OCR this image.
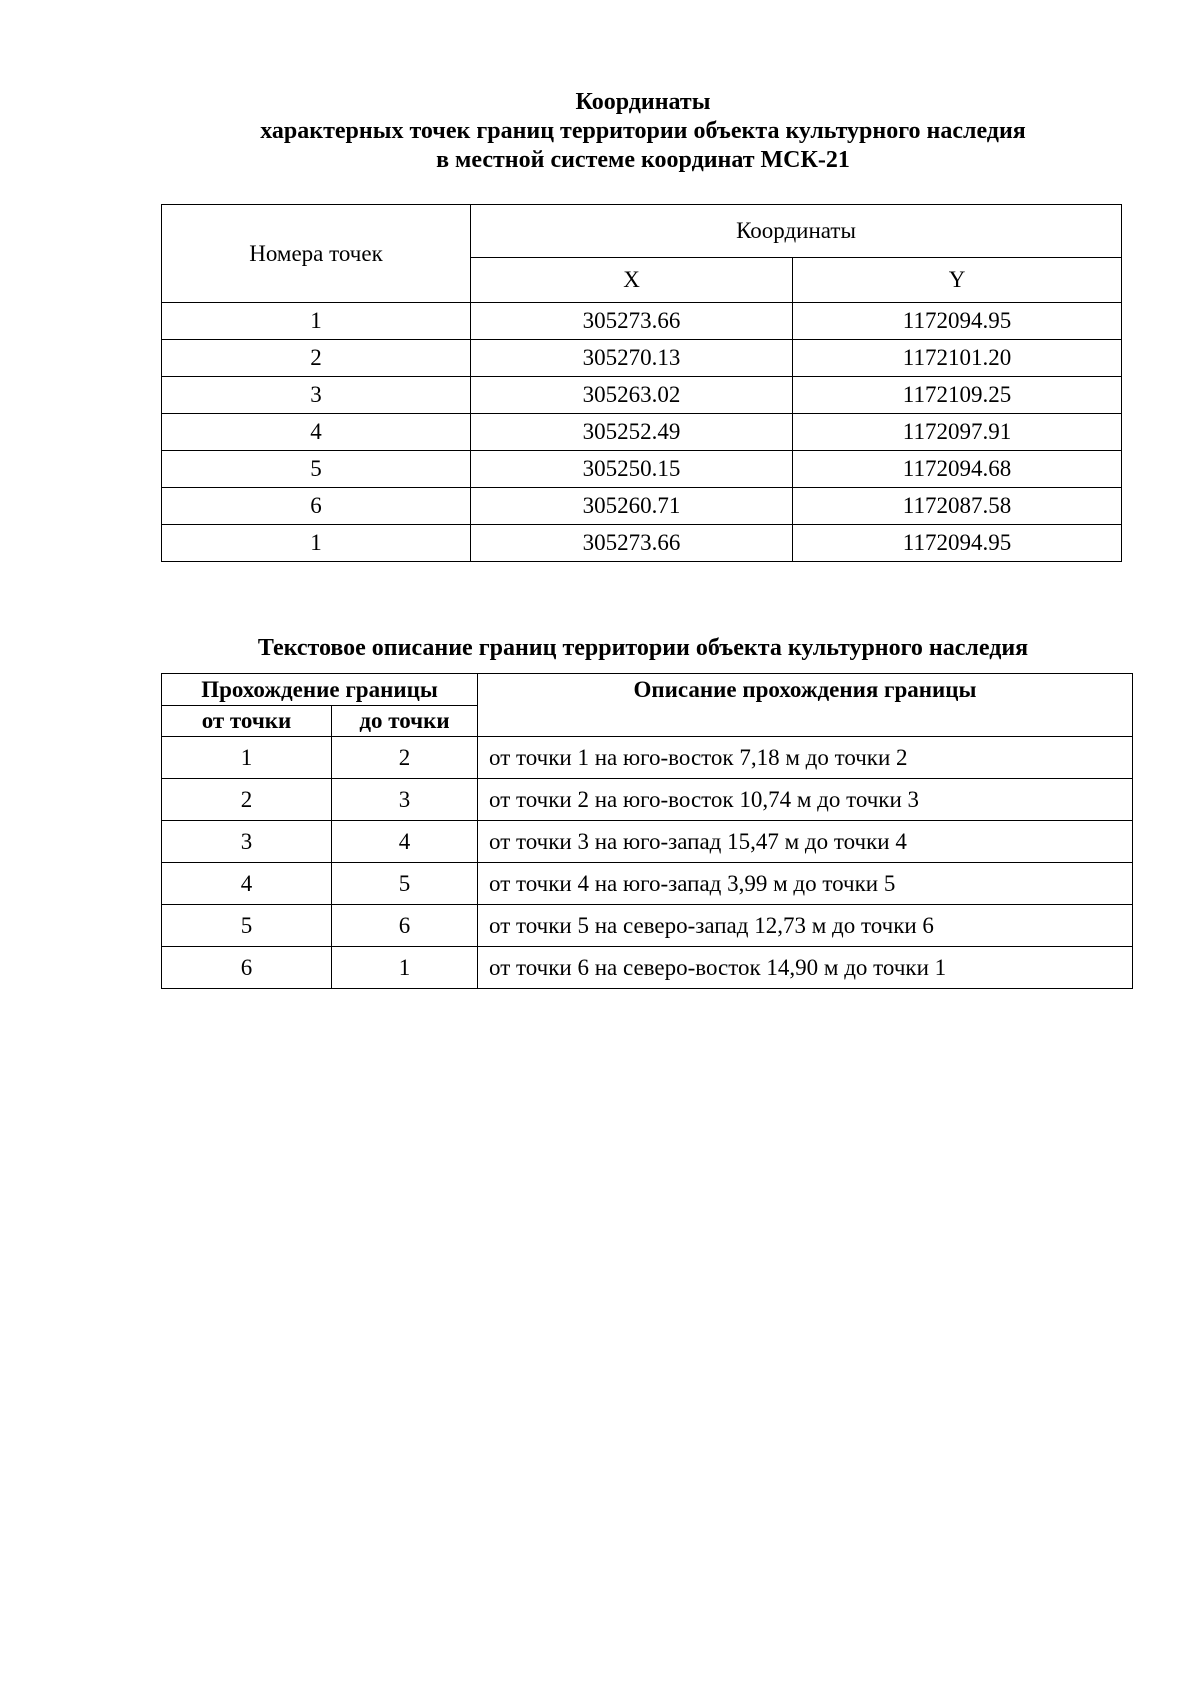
Координаты
характерных точек границ территории объекта культурного наследия
в местной системе координат МСК-21
Номера точек	Координаты	
	X	Y
1	305273.66	1172094.95
2	305270.13	1172101.20
3	305263.02	1172109.25
4	305252.49	1172097.91
5	305250.15	1172094.68
6	305260.71	1172087.58
1	305273.66	1172094.95
Текстовое описание границ территории объекта культурного наследия
Прохождение границы		Описание прохождения границы
от точки	до точки	
1	2	от точки 1 на юго-восток 7,18 м до точки 2
2	3	от точки 2 на юго-восток 10,74 м до точки 3
3	4	от точки 3 на юго-запад 15,47 м до точки 4
4	5	от точки 4 на юго-запад 3,99 м до точки 5
5	6	от точки 5 на северо-запад 12,73 м до точки 6
6	1	от точки 6 на северо-восток 14,90 м до точки 1
